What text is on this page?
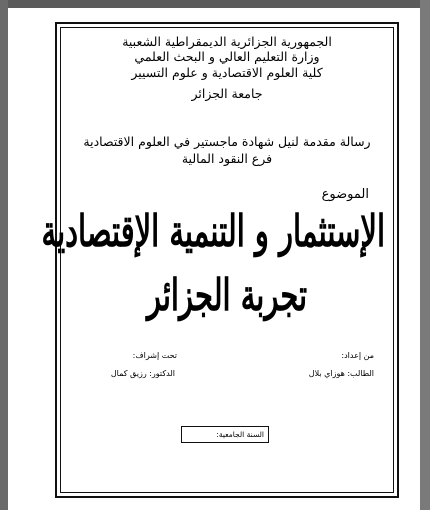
الجمهورية الجزائرية الديمقراطية الشعبية
وزارة التعليم العالي و البحث العلمي
كلية العلوم الاقتصادية و علوم التسيير
جامعة الجزائر
رسالة مقدمة لنيل شهادة ماجستير في العلوم الاقتصادية
فرع النقود المالية
الموضوع
الإستثمار و التنمية الإقتصادية
تجربة الجزائر
من إعداد:
الطالب: هوزاي بلال
تحت إشراف:
الدكتور: رزيق كمال
السنة الجامعية:
